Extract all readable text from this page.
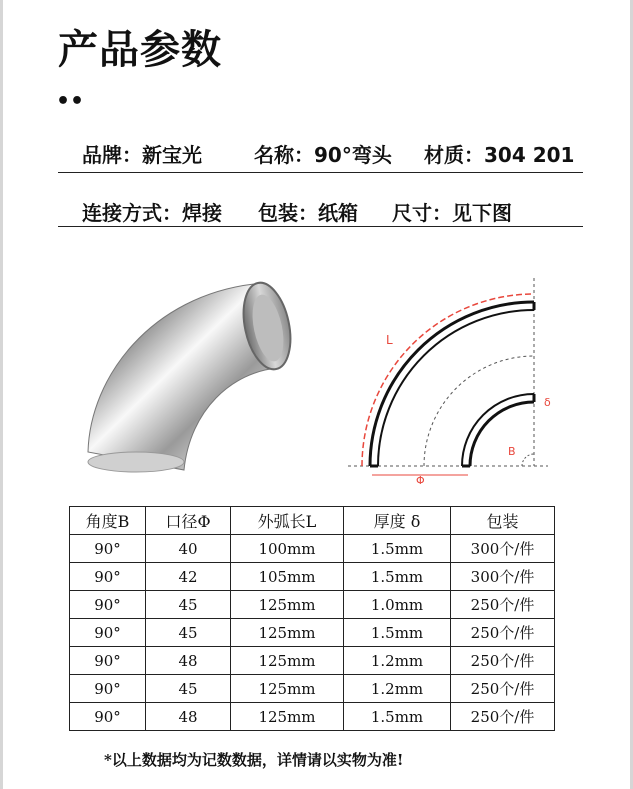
产品参数
••
品牌：新宝光	名称：90°弯头 材质：304 201
连接方式：焊接 包装：纸箱 尺寸：见下图
Φ
L
δ
B
角度B	口径Φ	外弧长L	厚度 δ	包装
90°	40	100mm	1.5mm	300个/件
90°	42	105mm	1.5mm	300个/件
90°	45	125mm	1.0mm	250个/件
90°	45	125mm	1.5mm	250个/件
90°	48	125mm	1.2mm	250个/件
90°	45	125mm	1.2mm	250个/件
90°	48	125mm	1.5mm	250个/件
*以上数据均为记数数据，详情请以实物为准!
